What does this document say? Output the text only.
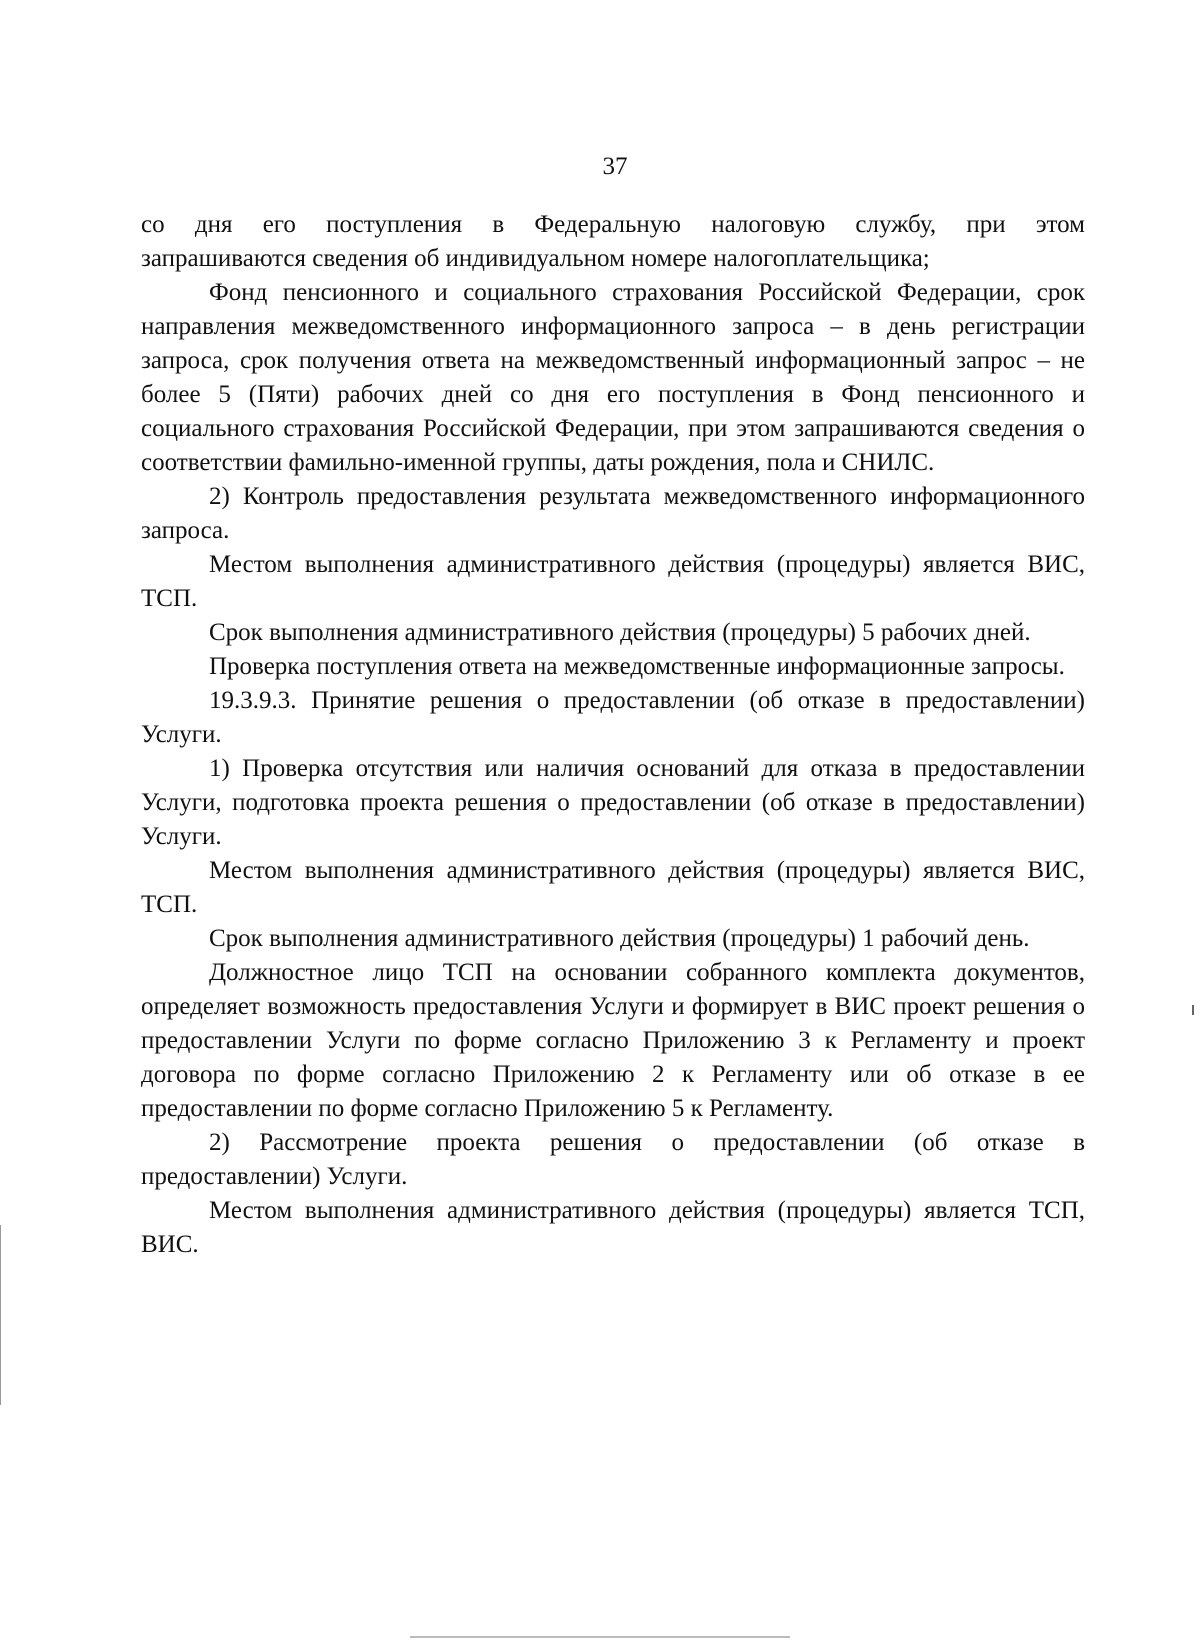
37

со дня его поступления в Федеральную налоговую службу, при этом
запрашиваются сведения об индивидуальном номере налогоплательщика;

Фонд пенсионного и социального страхования Российской Федерации, срок направления межведомственного информационного запроса – в день регистрации запроса, срок получения ответа на межведомственный информационный запрос – не более 5 (Пяти) рабочих дней со дня его поступления в Фонд пенсионного и социального страхования Российской Федерации, при этом запрашиваются сведения о соответствии фамильно-именной группы, даты рождения, пола и СНИЛС.

2) Контроль предоставления результата межведомственного информационного запроса.

Местом выполнения административного действия (процедуры) является ВИС, ТСП.

Срок выполнения административного действия (процедуры) 5 рабочих дней.

Проверка поступления ответа на межведомственные информационные запросы.

19.3.9.3. Принятие решения о предоставлении (об отказе в предоставлении) Услуги.

1) Проверка отсутствия или наличия оснований для отказа в предоставлении Услуги, подготовка проекта решения о предоставлении (об отказе в предоставлении) Услуги.

Местом выполнения административного действия (процедуры) является ВИС, ТСП.

Срок выполнения административного действия (процедуры) 1 рабочий день.

Должностное лицо ТСП на основании собранного комплекта документов, определяет возможность предоставления Услуги и формирует в ВИС проект решения о предоставлении Услуги по форме согласно Приложению 3 к Регламенту и проект договора по форме согласно Приложению 2 к Регламенту или об отказе в ее предоставлении по форме согласно Приложению 5 к Регламенту.

2) Рассмотрение проекта решения о предоставлении (об отказе в предоставлении) Услуги.

Местом выполнения административного действия (процедуры) является ТСП, ВИС.
